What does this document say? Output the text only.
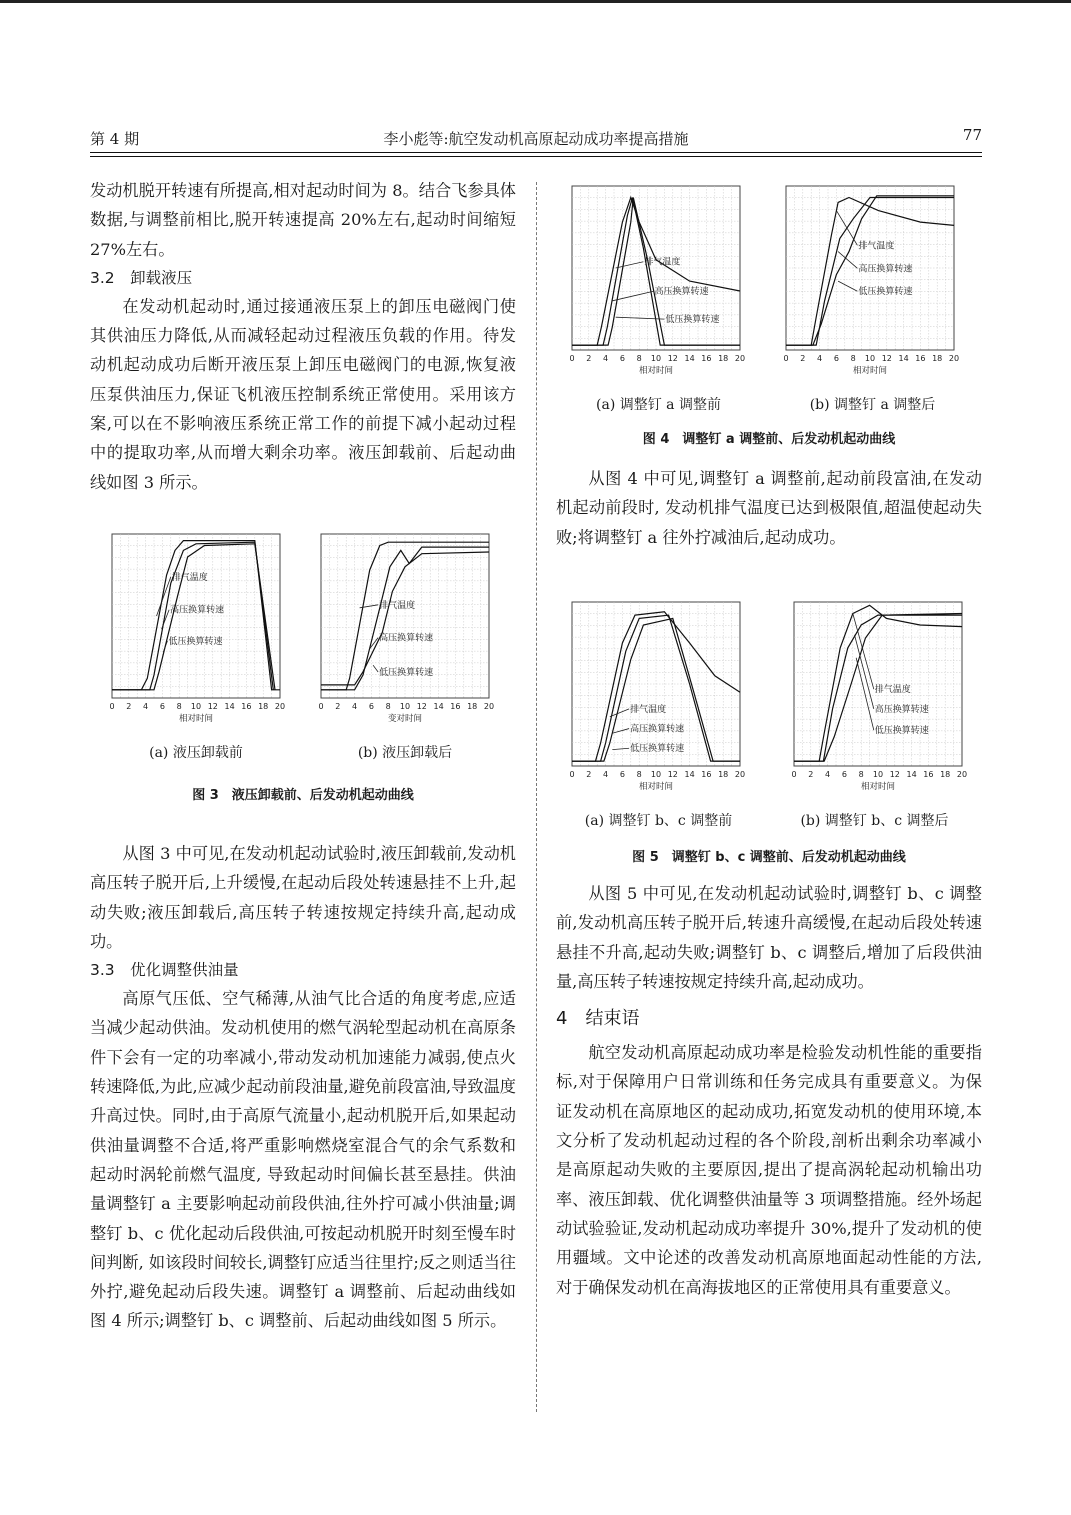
第 4 期	李小彪等:航空发动机高原起动成功率提高措施	77

发动机脱开转速有所提高,相对起动时间为 8。结合飞参具体数据,与调整前相比,脱开转速提高 20%左右,起动时间缩短 27%左右。

3.2　卸载液压

在发动机起动时,通过接通液压泵上的卸压电磁阀门使其供油压力降低,从而减轻起动过程液压负载的作用。待发动机起动成功后断开液压泵上卸压电磁阀门的电源,恢复液压泵供油压力,保证飞机液压控制系统正常使用。采用该方案,可以在不影响液压系统正常工作的前提下减小起动过程中的提取功率,从而增大剩余功率。液压卸载前、后起动曲线如图 3 所示。

排气温度
高压换算转速
低压换算转速
0 2 4 6 8 10 12 14 16 18 20
相对时间
排气温度
高压换算转速
低压换算转速
0 2 4 6 8 10 12 14 16 18 20
变对时间
(a) 液压卸载前	(b) 液压卸载后
图 3　液压卸载前、后发动机起动曲线

从图 3 中可见,在发动机起动试验时,液压卸载前,发动机高压转子脱开后,上升缓慢,在起动后段处转速悬挂不上升,起动失败;液压卸载后,高压转子转速按规定持续升高,起动成功。

3.3　优化调整供油量

高原气压低、空气稀薄,从油气比合适的角度考虑,应适当减少起动供油。发动机使用的燃气涡轮型起动机在高原条件下会有一定的功率减小,带动发动机加速能力减弱,使点火转速降低,为此,应减少起动前段油量,避免前段富油,导致温度升高过快。同时,由于高原气流量小,起动机脱开后,如果起动供油量调整不合适,将严重影响燃烧室混合气的余气系数和起动时涡轮前燃气温度, 导致起动时间偏长甚至悬挂。供油量调整钉 a 主要影响起动前段供油,往外拧可减小供油量;调整钉 b、c 优化起动后段供油,可按起动机脱开时刻至慢车时间判断, 如该段时间较长,调整钉应适当往里拧;反之则适当往外拧,避免起动后段失速。调整钉 a 调整前、后起动曲线如图 4 所示;调整钉 b、c 调整前、后起动曲线如图 5 所示。

排气温度
高压换算转速
低压换算转速
0 2 4 6 8 10 12 14 16 18 20
相对时间
排气温度
高压换算转速
低压换算转速
0 2 4 6 8 10 12 14 16 18 20
相对时间
(a) 调整钉 a 调整前	(b) 调整钉 a 调整后
图 4　调整钉 a 调整前、后发动机起动曲线

从图 4 中可见,调整钉 a 调整前,起动前段富油,在发动机起动前段时, 发动机排气温度已达到极限值,超温使起动失败;将调整钉 a 往外拧减油后,起动成功。

排气温度
高压换算转速
低压换算转速
0 2 4 6 8 10 12 14 16 18 20
相对时间
排气温度
高压换算转速
低压换算转速
0 2 4 6 8 10 12 14 16 18 20
相对时间
(a) 调整钉 b、c 调整前	(b) 调整钉 b、c 调整后
图 5　调整钉 b、c 调整前、后发动机起动曲线

从图 5 中可见,在发动机起动试验时,调整钉 b、c 调整前,发动机高压转子脱开后,转速升高缓慢,在起动后段处转速悬挂不升高,起动失败;调整钉 b、c 调整后,增加了后段供油量,高压转子转速按规定持续升高,起动成功。

4　结束语

航空发动机高原起动成功率是检验发动机性能的重要指标,对于保障用户日常训练和任务完成具有重要意义。为保证发动机在高原地区的起动成功,拓宽发动机的使用环境,本文分析了发动机起动过程的各个阶段,剖析出剩余功率减小是高原起动失败的主要原因,提出了提高涡轮起动机输出功率、液压卸载、优化调整供油量等 3 项调整措施。经外场起动试验验证,发动机起动成功率提升 30%,提升了发动机的使用疆域。文中论述的改善发动机高原地面起动性能的方法,对于确保发动机在高海拔地区的正常使用具有重要意义。
